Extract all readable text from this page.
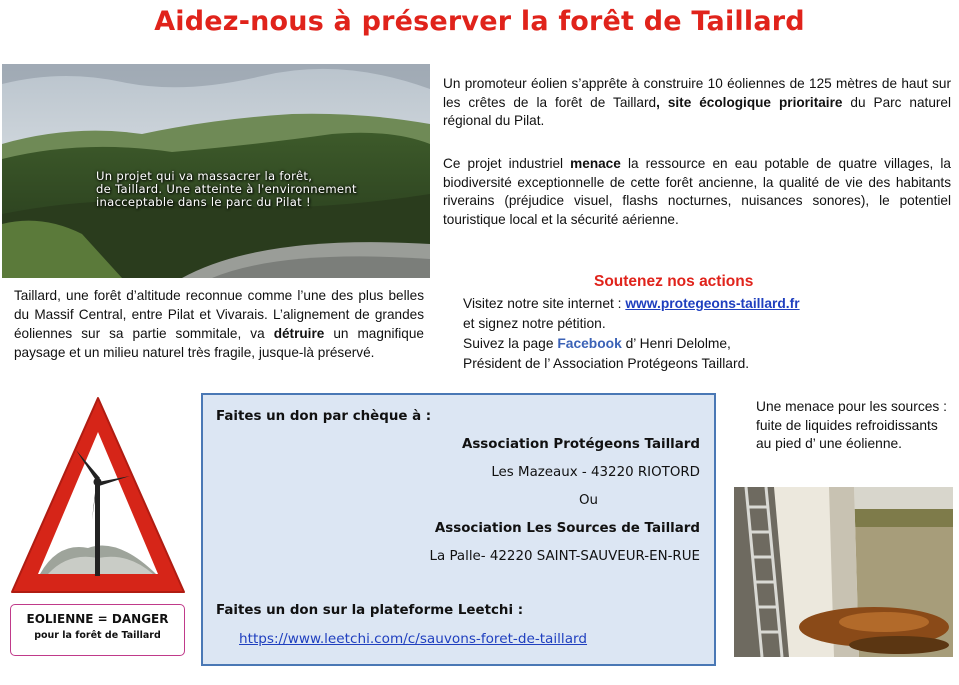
Aidez-nous à préserver la forêt de Taillard
Un projet qui va massacrer la forêt,
de Taillard. Une atteinte à l'environnement
inacceptable dans le parc du Pilat !
Taillard, une forêt d’altitude reconnue comme l’une des plus belles du Massif Central, entre Pilat et Vivarais. L’alignement de grandes éoliennes sur sa partie sommitale, va détruire un magnifique paysage et un milieu naturel très fragile, jusque-là préservé.
Un promoteur éolien s’apprête à construire 10 éoliennes de 125 mètres de haut sur les crêtes de la forêt de Taillard, site écologique prioritaire du Parc naturel régional du Pilat.
Ce projet industriel menace la ressource en eau potable de quatre villages, la biodiversité exceptionnelle de cette forêt ancienne, la qualité de vie des habitants riverains (préjudice visuel, flashs nocturnes, nuisances sonores), le potentiel touristique local et la sécurité aérienne.
Soutenez nos actions
Visitez notre site internet : www.protegeons-taillard.fr
et signez notre pétition.
Suivez la page Facebook d’ Henri Delolme,
Président de l’ Association Protégeons Taillard.
EOLIENNE = DANGER
pour la forêt de Taillard
Faites un don par chèque à :
Association Protégeons Taillard
Les Mazeaux - 43220 RIOTORD
Ou
Association Les Sources de Taillard
La Palle- 42220 SAINT-SAUVEUR-EN-RUE
Faites un don sur la plateforme Leetchi :
https://www.leetchi.com/c/sauvons-foret-de-taillard
Une menace pour les sources : fuite de liquides refroidissants au pied d’ une éolienne.
